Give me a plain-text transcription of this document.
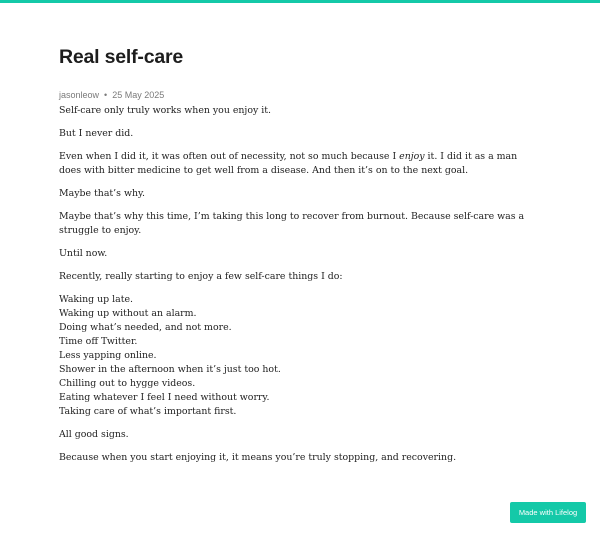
Real self-care
jasonleow • 25 May 2025

Self-care only truly works when you enjoy it.

But I never did.

Even when I did it, it was often out of necessity, not so much because I enjoy it. I did it as a man does with bitter medicine to get well from a disease. And then it’s on to the next goal.

Maybe that’s why.

Maybe that’s why this time, I’m taking this long to recover from burnout. Because self-care was a struggle to enjoy.

Until now.

Recently, really starting to enjoy a few self-care things I do:

Waking up late.
Waking up without an alarm.
Doing what’s needed, and not more.
Time off Twitter.
Less yapping online.
Shower in the afternoon when it’s just too hot.
Chilling out to hygge videos.
Eating whatever I feel I need without worry.
Taking care of what’s important first.

All good signs.

Because when you start enjoying it, it means you’re truly stopping, and recovering.

Made with Lifelog
